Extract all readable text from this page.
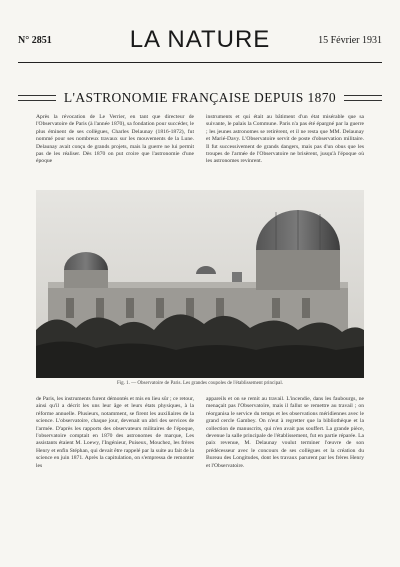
N° 2851	LA NATURE	15 Février 1931
L'ASTRONOMIE FRANÇAISE DEPUIS 1870
Après la révocation de Le Verrier, en tant que directeur de l'Observatoire de Paris (à l'année 1870), sa fondation pour succéder, le plus éminent de ses collègues, Charles Delaunay (1816-1872), fut nommé pour ses nombreux travaux sur les mouvements de la Lune. Delaunay avait conçu de grands projets, mais la guerre ne lui permit pas de les réaliser. Dès 1870 on put croire que l'astronomie d'une époque
instruments et qui était au bâtiment d'un état misérable que sa suivante, le palais la Commune. Paris n'a pas été épargné par la guerre ; les jeunes astronomes se retirèrent, et il ne resta que MM. Delaunay et Marié-Davy. L'Observatoire servit de poste d'observation militaire. Il fut successivement de grands dangers, mais pas d'un obus que les troupes de l'armée de l'Observatoire ne brisèrent, jusqu'à l'époque où les astronomes revinrent.
Fig. 1. — Observatoire de Paris. Les grandes coupoles de l'établissement principal.
de Paris, les instruments furent démontés et mis en lieu sûr ; ce retour, ainsi qu'il a décrit les uns leur âge et leurs états physiques, à la réforme annuelle. Plusieurs, notamment, se firent les auxiliaires de la science. L'observatoire, chaque jour, devenait un abri des services de l'armée. D'après les rapports des observateurs militaires de l'époque, l'observatoire comptait en 1870 des astronomes de marque, Les assistants étaient M. Loewy, l'Ingénieur, Puiseux, Mouchez, les frères Henry et enfin Stéphan, qui devait être rappelé par la suite au fait de la science en juin 1871. Après la capitulation, on s'empressa de remonter les
appareils et on se remit au travail. L'incendie, dans les faubourgs, ne menaçait pas l'Observatoire, mais il fallut se remettre au travail ; on réorganisa le service du temps et les observations méridiennes avec le grand cercle Gambey. On n'eut à regretter que la bibliothèque et la collection de manuscrits, qui n'en avait pas souffert. La grande pièce, devenue la salle principale de l'établissement, fut en partie réparée. La paix revenue, M. Delaunay voulut terminer l'œuvre de son prédécesseur avec le concours de ses collègues et la création du Bureau des Longitudes, dont les travaux parurent par les frères Henry et l'Observatoire.
